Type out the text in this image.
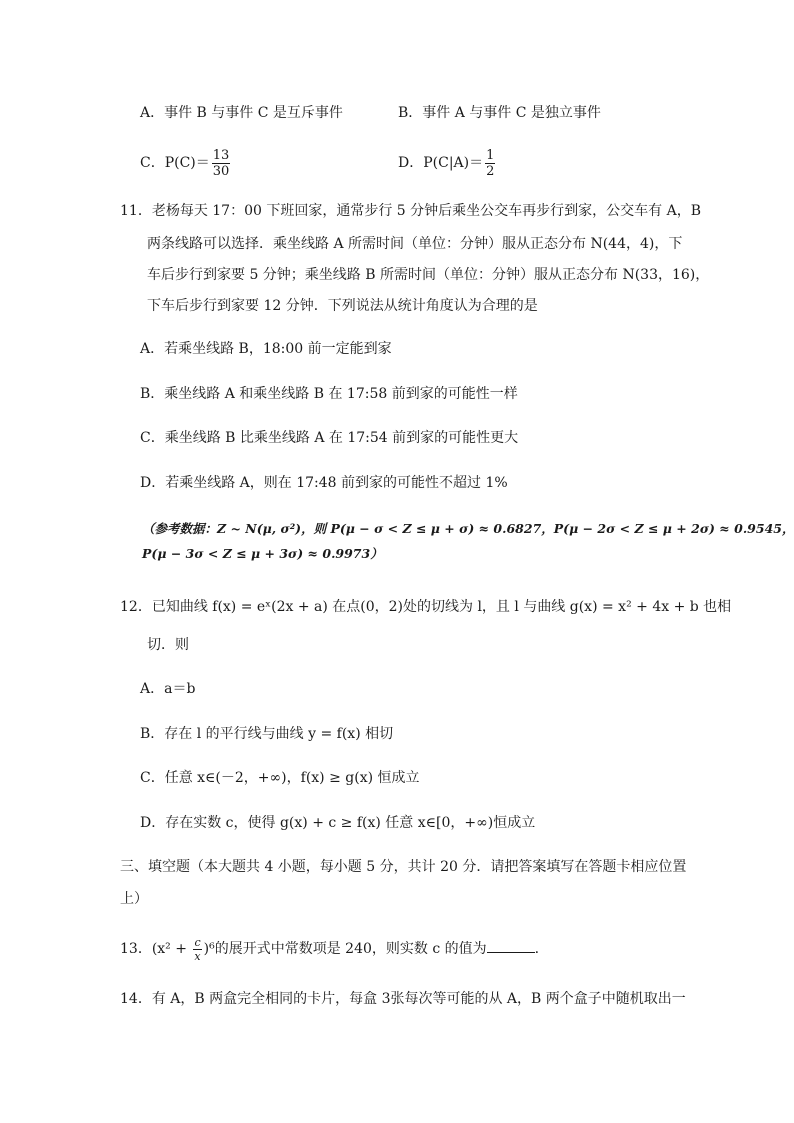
A．事件 B 与事件 C 是互斥事件	B．事件 A 与事件 C 是独立事件
C．$P(C)= \frac{13}{30}$	D．$P(C|A)= \frac{1}{2}$
11．老杨每天 17：00 下班回家，通常步行 5 分钟后乘坐公交车再步行到家，公交车有 A，B
两条线路可以选择．乘坐线路 A 所需时间（单位：分钟）服从正态分布 N(44，4)，下
车后步行到家要 5 分钟；乘坐线路 B 所需时间（单位：分钟）服从正态分布 N(33，16)，
下车后步行到家要 12 分钟．下列说法从统计角度认为合理的是
A．若乘坐线路 B，18:00 前一定能到家
B．乘坐线路 A 和乘坐线路 B 在 17:58 前到家的可能性一样
C．乘坐线路 B 比乘坐线路 A 在 17:54 前到家的可能性更大
D．若乘坐线路 A，则在 17:48 前到家的可能性不超过 1%
（参考数据：Z ~ N(μ, σ²)，则 P(μ − σ < Z ≤ μ + σ) ≈ 0.6827，P(μ − 2σ < Z ≤ μ + 2σ) ≈ 0.9545，
P(μ − 3σ < Z ≤ μ + 3σ) ≈ 0.9973）
12．已知曲线 f(x) = eˣ(2x + a) 在点(0，2)处的切线为 l，且 l 与曲线 g(x) = x² + 4x + b 也相
切．则
A．a＝b
B．存在 l 的平行线与曲线 y = f(x) 相切
C．任意 x∈(－2，+∞)，f(x) ≥ g(x) 恒成立
D．存在实数 c，使得 g(x) + c ≥ f(x) 任意 x∈[0，+∞)恒成立
三、填空题（本大题共 4 小题，每小题 5 分，共计 20 分．请把答案填写在答题卡相应位置
上）
13．$(x^2 + \frac{c}{x} )^6$的展开式中常数项是 240，则实数 c 的值为	.
14．有 A，B 两盒完全相同的卡片，每盒 3张每次等可能的从 A，B 两个盒子中随机取出一
